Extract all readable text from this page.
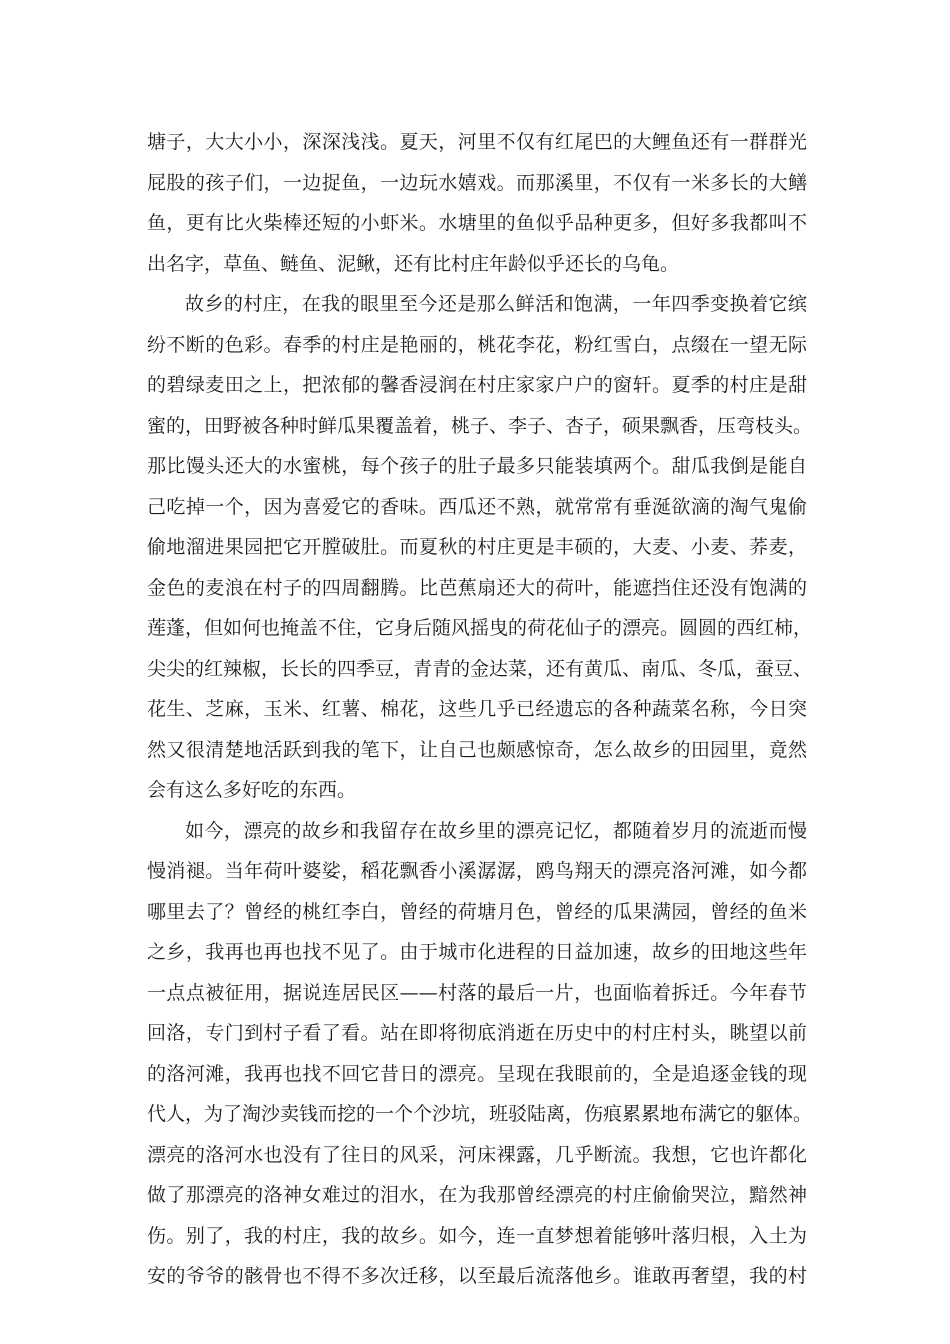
塘子，大大小小，深深浅浅。夏天，河里不仅有红尾巴的大鲤鱼还有一群群光
屁股的孩子们，一边捉鱼，一边玩水嬉戏。而那溪里，不仅有一米多长的大鳝
鱼，更有比火柴棒还短的小虾米。水塘里的鱼似乎品种更多，但好多我都叫不
出名字，草鱼、鲢鱼、泥鳅，还有比村庄年龄似乎还长的乌龟。
故乡的村庄，在我的眼里至今还是那么鲜活和饱满，一年四季变换着它缤
纷不断的色彩。春季的村庄是艳丽的，桃花李花，粉红雪白，点缀在一望无际
的碧绿麦田之上，把浓郁的馨香浸润在村庄家家户户的窗轩。夏季的村庄是甜
蜜的，田野被各种时鲜瓜果覆盖着，桃子、李子、杏子，硕果飘香，压弯枝头。
那比馒头还大的水蜜桃，每个孩子的肚子最多只能装填两个。甜瓜我倒是能自
己吃掉一个，因为喜爱它的香味。西瓜还不熟，就常常有垂涎欲滴的淘气鬼偷
偷地溜进果园把它开膛破肚。而夏秋的村庄更是丰硕的，大麦、小麦、荞麦，
金色的麦浪在村子的四周翻腾。比芭蕉扇还大的荷叶，能遮挡住还没有饱满的
莲蓬，但如何也掩盖不住，它身后随风摇曳的荷花仙子的漂亮。圆圆的西红柿，
尖尖的红辣椒，长长的四季豆，青青的金达菜，还有黄瓜、南瓜、冬瓜，蚕豆、
花生、芝麻，玉米、红薯、棉花，这些几乎已经遗忘的各种蔬菜名称，今日突
然又很清楚地活跃到我的笔下，让自己也颇感惊奇，怎么故乡的田园里，竟然
会有这么多好吃的东西。
如今，漂亮的故乡和我留存在故乡里的漂亮记忆，都随着岁月的流逝而慢
慢消褪。当年荷叶婆娑，稻花飘香小溪潺潺，鸥鸟翔天的漂亮洛河滩，如今都
哪里去了？曾经的桃红李白，曾经的荷塘月色，曾经的瓜果满园，曾经的鱼米
之乡，我再也再也找不见了。由于城市化进程的日益加速，故乡的田地这些年
一点点被征用，据说连居民区——村落的最后一片，也面临着拆迁。今年春节
回洛，专门到村子看了看。站在即将彻底消逝在历史中的村庄村头，眺望以前
的洛河滩，我再也找不回它昔日的漂亮。呈现在我眼前的，全是追逐金钱的现
代人，为了淘沙卖钱而挖的一个个沙坑，班驳陆离，伤痕累累地布满它的躯体。
漂亮的洛河水也没有了往日的风采，河床裸露，几乎断流。我想，它也许都化
做了那漂亮的洛神女难过的泪水，在为我那曾经漂亮的村庄偷偷哭泣，黯然神
伤。别了，我的村庄，我的故乡。如今，连一直梦想着能够叶落归根，入土为
安的爷爷的骸骨也不得不多次迁移，以至最后流落他乡。谁敢再奢望，我的村
